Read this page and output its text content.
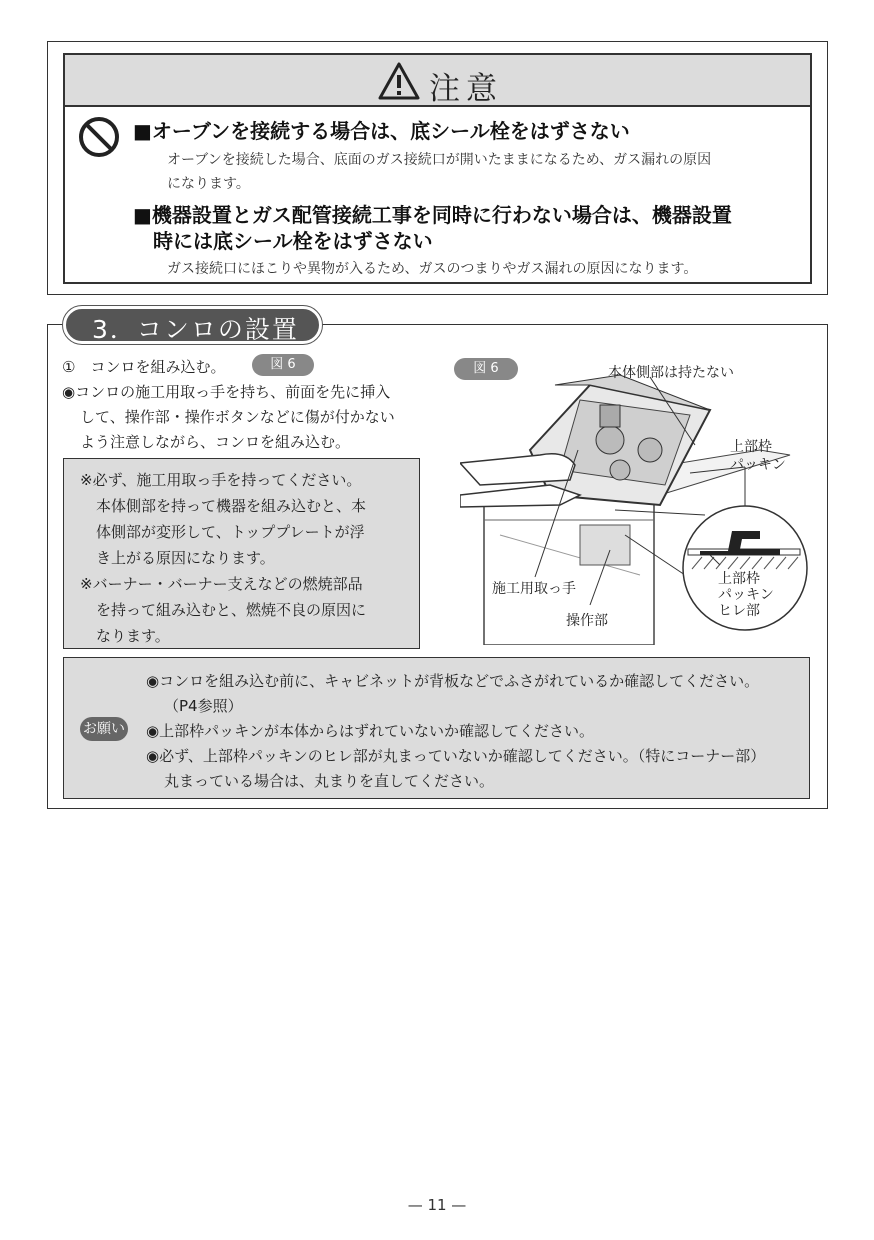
注意
■オーブンを接続する場合は、底シール栓をはずさない
オーブンを接続した場合、底面のガス接続口が開いたままになるため、ガス漏れの原因
になります。
■機器設置とガス配管接続工事を同時に行わない場合は、機器設置
時には底シール栓をはずさない
ガス接続口にほこりや異物が入るため、ガスのつまりやガス漏れの原因になります。
3．コンロの設置
①　コンロを組み込む。	図 6
◉コンロの施工用取っ手を持ち、前面を先に挿入
して、操作部・操作ボタンなどに傷が付かない
よう注意しながら、コンロを組み込む。
※必ず、施工用取っ手を持ってください。
本体側部を持って機器を組み込むと、本
体側部が変形して、トッププレートが浮
き上がる原因になります。
※バーナー・バーナー支えなどの燃焼部品
を持って組み込むと、燃焼不良の原因に
なります。
図 6	本体側部は持たない
上部枠
パッキン
施工用取っ手
操作部
上部枠
パッキン
ヒレ部
◉コンロを組み込む前に、キャビネットが背板などでふさがれているか確認してください。
（P4参照）
◉上部枠パッキンが本体からはずれていないか確認してください。
◉必ず、上部枠パッキンのヒレ部が丸まっていないか確認してください。（特にコーナー部）
丸まっている場合は、丸まりを直してください。
お願い
— 11 —
